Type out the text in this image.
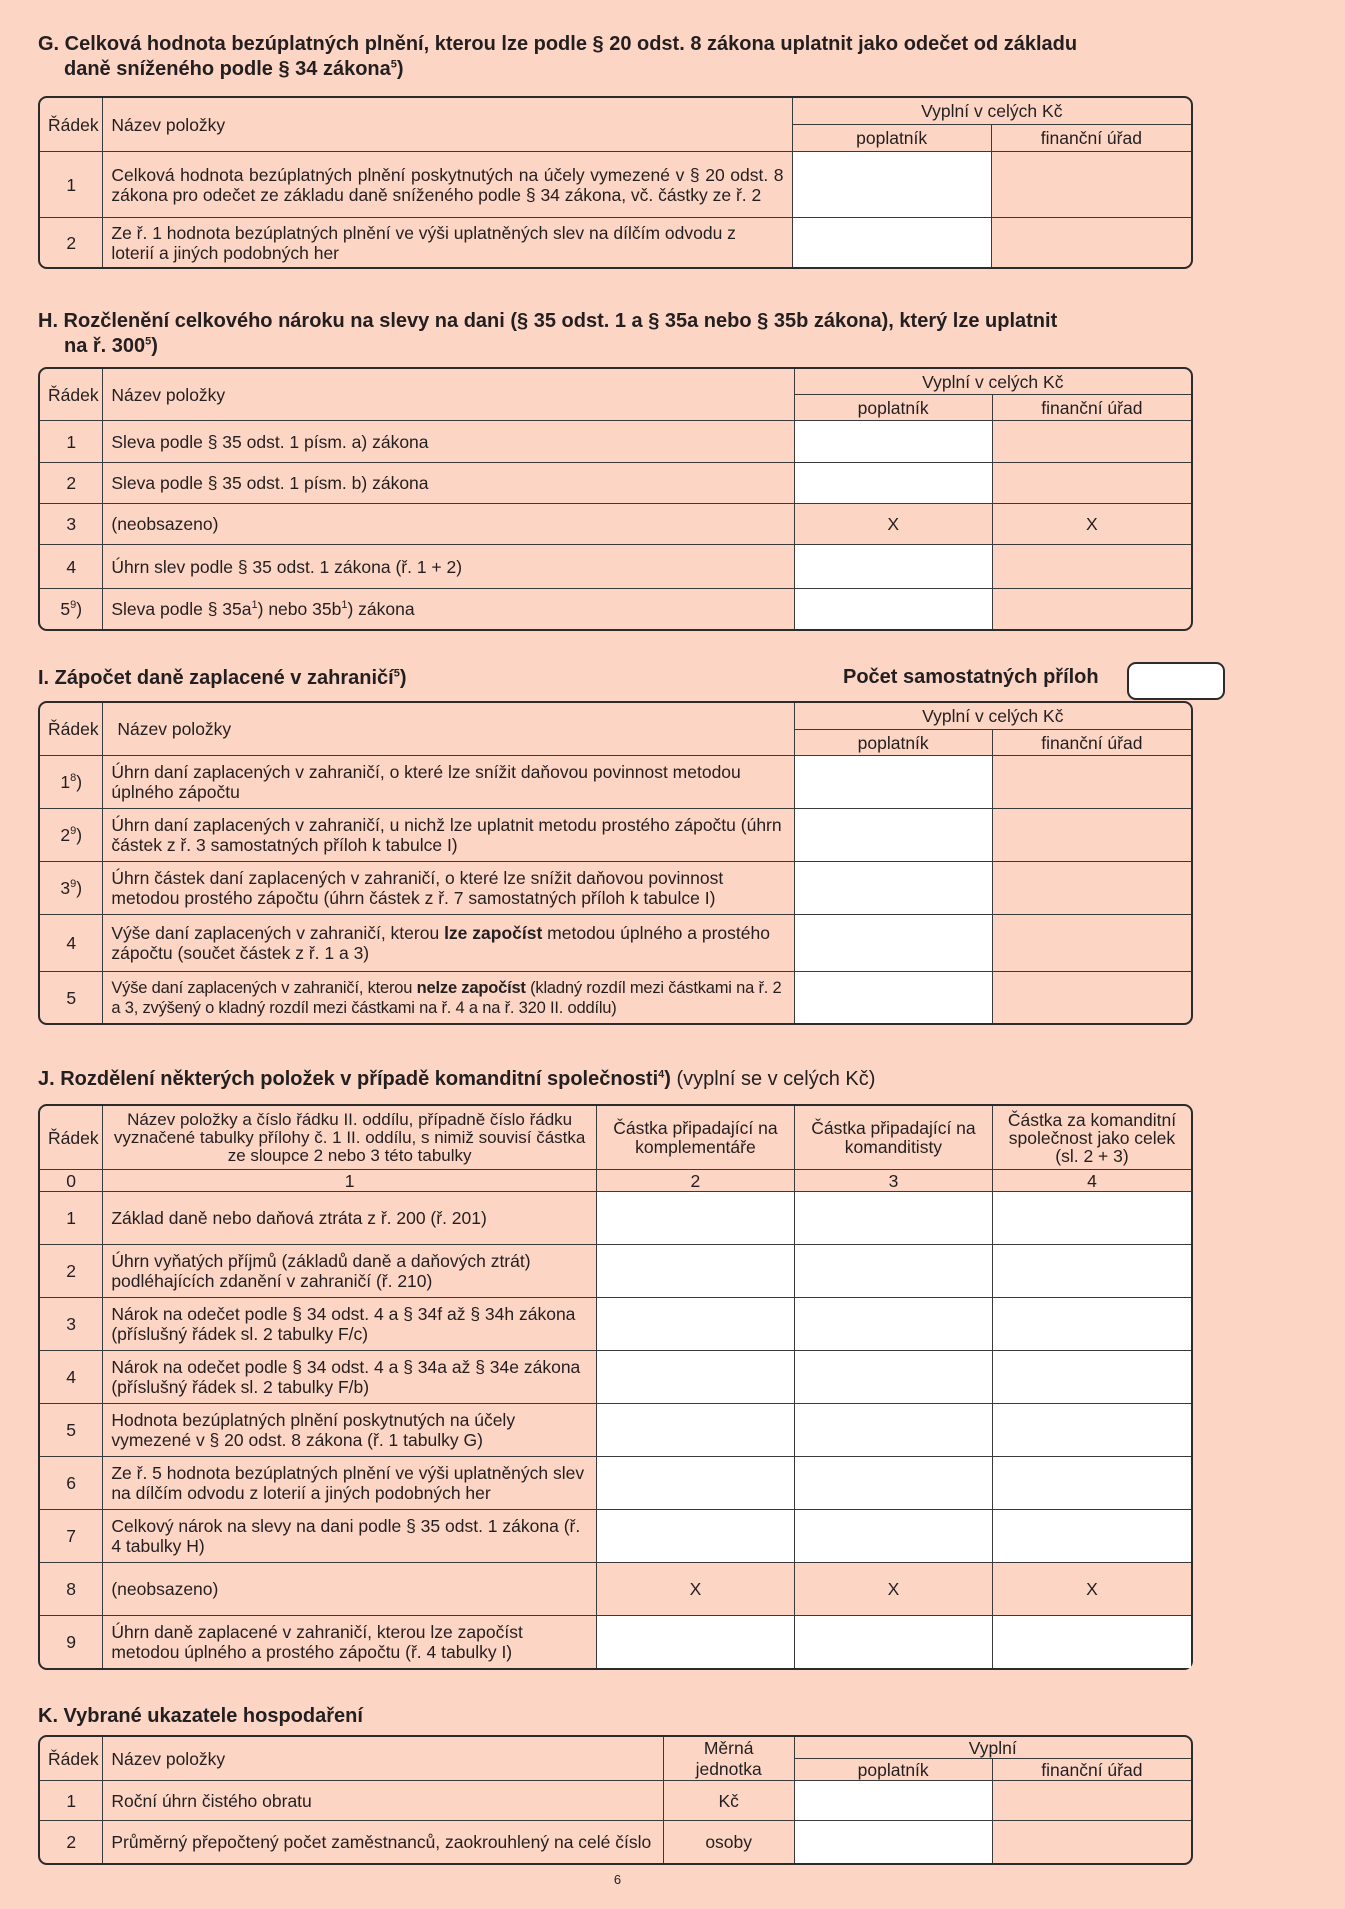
G. Celková hodnota bezúplatných plnění, kterou lze podle § 20 odst. 8 zákona uplatnit jako odečet od základu
daně sníženého podle § 34 zákona$^5$)
Řádek	Název položky	Vyplní v celých Kč	
		poplatník	finanční úřad
1	Celková hodnota bezúplatných plnění poskytnutých na účely vymezené v § 20 odst. 8 zákona pro odečet ze základu daně sníženého podle § 34 zákona, vč. částky ze ř. 2		
2	Ze ř. 1 hodnota bezúplatných plnění ve výši uplatněných slev na dílčím odvodu z loterií a jiných podobných her		
H. Rozčlenění celkového nároku na slevy na dani (§ 35 odst. 1 a § 35a nebo § 35b zákona), který lze uplatnit
na ř. $300^5$)
Řádek	Název položky	Vyplní v celých Kč	
		poplatník	finanční úřad
1	Sleva podle § 35 odst. 1 písm. a) zákona		
2	Sleva podle § 35 odst. 1 písm. b) zákona		
3	(neobsazeno)	X	X
4	Úhrn slev podle § 35 odst. 1 zákona (ř. 1 + 2)		
$5^9$)	Sleva podle § $35a^1$) nebo $35b^1$) zákona		
I. Zápočet daně zaplacené v zahraničí$^5$)	Počet samostatných příloh
Řádek	Název položky	Vyplní v celých Kč	
		poplatník	finanční úřad
$1^8$)	Úhrn daní zaplacených v zahraničí, o které lze snížit daňovou povinnost metodou úplného zápočtu		
$2^9$)	Úhrn daní zaplacených v zahraničí, u nichž lze uplatnit metodu prostého zápočtu (úhrn částek z ř. 3 samostatných příloh k tabulce I)		
$3^9$)	Úhrn částek daní zaplacených v zahraničí, o které lze snížit daňovou povinnost metodou prostého zápočtu (úhrn částek z ř. 7 samostatných příloh k tabulce I)		
4	Výše daní zaplacených v zahraničí, kterou lze započíst metodou úplného a prostého zápočtu (součet částek z ř. 1 a 3)		
5	Výše daní zaplacených v zahraničí, kterou nelze započíst (kladný rozdíl mezi částkami na ř. 2 a 3, zvýšený o kladný rozdíl mezi částkami na ř. 4 a na ř. 320 II. oddílu)		
J. Rozdělení některých položek v případě komanditní společnosti$^4$) (vyplní se v celých Kč)
Řádek	Název položky a číslo řádku II. oddílu, případně číslo řádku vyznačené tabulky přílohy č. 1 II. oddílu, s nimiž souvisí částka ze sloupce 2 nebo 3 této tabulky	Částka připadající na komplementáře	Částka připadající na komanditisty	Částka za komanditní společnost jako celek (sl. 2 + 3)
0	1	2	3	4
1	Základ daně nebo daňová ztráta z ř. 200 (ř. 201)			
2	Úhrn vyňatých příjmů (základů daně a daňových ztrát) podléhajících zdanění v zahraničí (ř. 210)			
3	Nárok na odečet podle § 34 odst. 4 a § 34f až § 34h zákona (příslušný řádek sl. 2 tabulky F/c)			
4	Nárok na odečet podle § 34 odst. 4 a § 34a až § 34e zákona (příslušný řádek sl. 2 tabulky F/b)			
5	Hodnota bezúplatných plnění poskytnutých na účely vymezené v § 20 odst. 8 zákona (ř. 1 tabulky G)			
6	Ze ř. 5 hodnota bezúplatných plnění ve výši uplatněných slev na dílčím odvodu z loterií a jiných podobných her			
7	Celkový nárok na slevy na dani podle § 35 odst. 1 zákona (ř. 4 tabulky H)			
8	(neobsazeno)	X	X	X
9	Úhrn daně zaplacené v zahraničí, kterou lze započíst metodou úplného a prostého zápočtu (ř. 4 tabulky I)			
K. Vybrané ukazatele hospodaření
Řádek	Název položky	Měrná jednotka	Vyplní	
			poplatník	finanční úřad
1	Roční úhrn čistého obratu	Kč		
2	Průměrný přepočtený počet zaměstnanců, zaokrouhlený na celé číslo	osoby		
6
